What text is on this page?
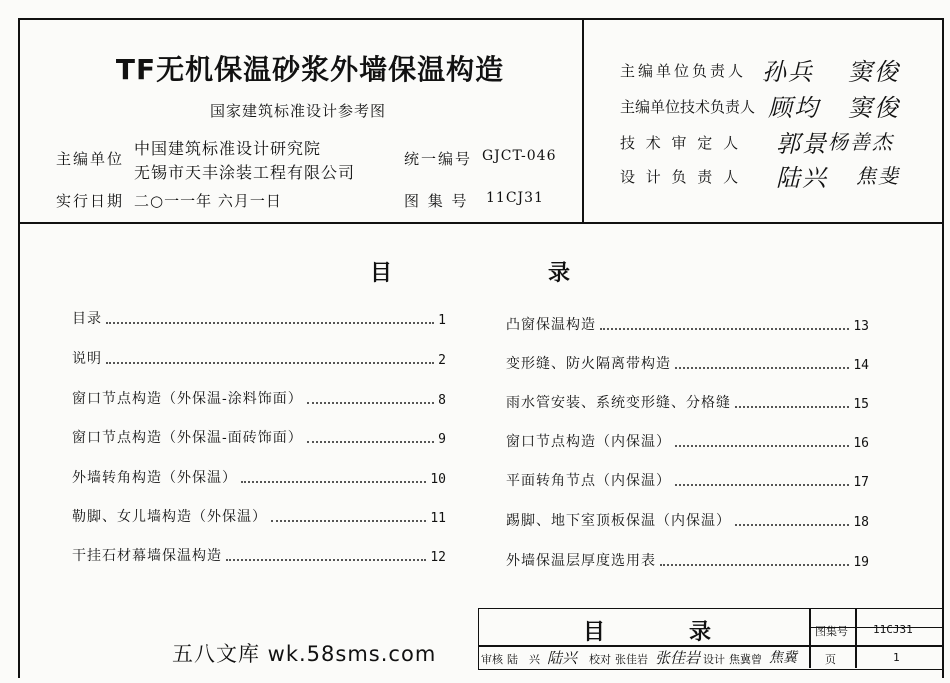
TF无机保温砂浆外墙保温构造
国家建筑标准设计参考图
主编单位
中国建筑标准设计研究院
无锡市天丰涂装工程有限公司
统一编号 GJCT-046
实行日期 二○一一年 六月一日	图 集 号 11CJ31
主编单位负责人 孙兵 窦俊
主编单位技术负责人 顾均 窦俊
技 术 审 定 人 郭景 杨善杰
设 计 负 责 人 陆兴 焦斐
目	录
目录	1
说明	2
窗口节点构造（外保温-涂料饰面）	8
窗口节点构造（外保温-面砖饰面）	9
外墙转角构造（外保温）	10
勒脚、女儿墙构造（外保温）	11
干挂石材幕墙保温构造	12
凸窗保温构造	13
变形缝、防火隔离带构造	14
雨水管安装、系统变形缝、分格缝	15
窗口节点构造（内保温）	16
平面转角节点（内保温）	17
踢脚、地下室顶板保温（内保温）	18
外墙保温层厚度选用表	19
目	录	图集号 11CJ31
页	1
审核 陆　兴 陆兴 校对 张佳岩 张佳岩 设计 焦冀曾 焦冀
五八文库 wk.58sms.com
